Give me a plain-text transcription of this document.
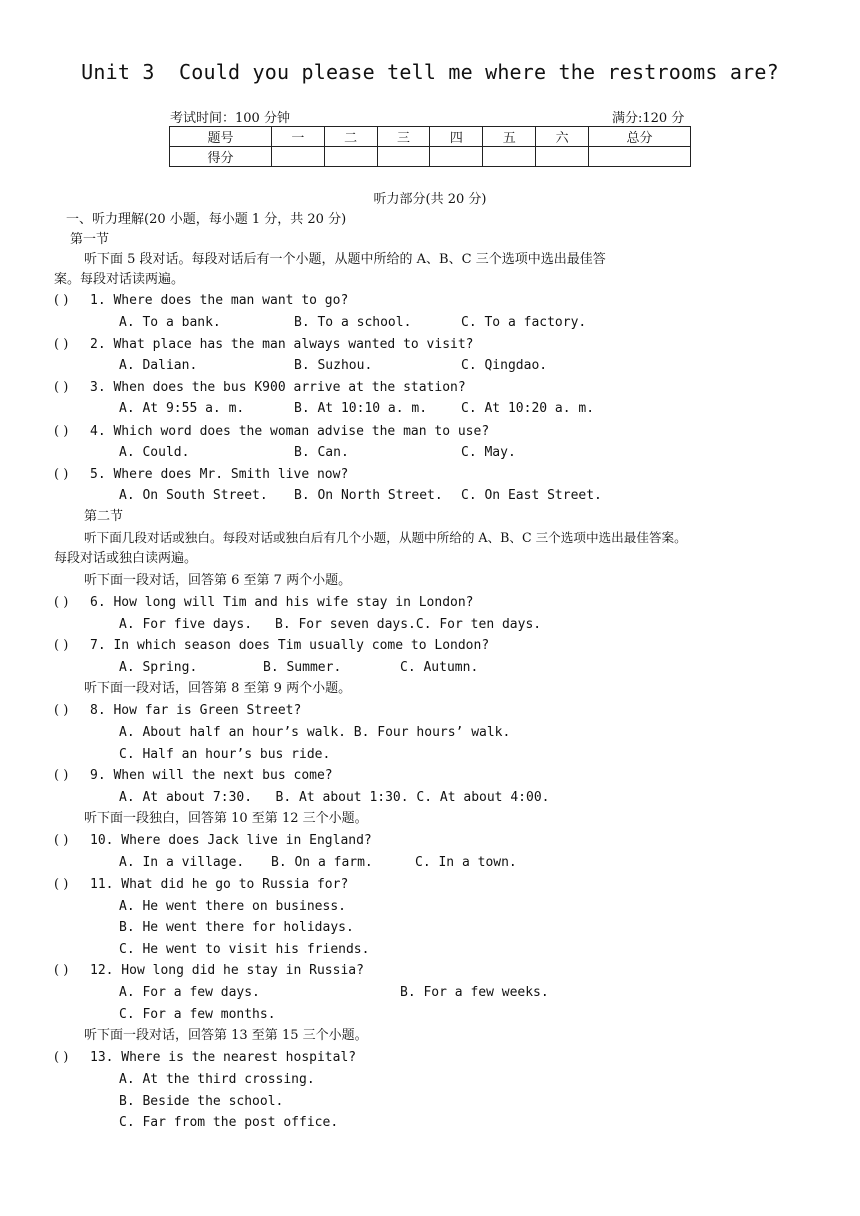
Unit 3  Could you please tell me where the restrooms are?
考试时间：100 分钟	满分:120 分
题号	一	二	三	四	五	六	总分
得分							
听力部分(共 20 分)
一、听力理解(20 小题，每小题 1 分，共 20 分)
第一节
听下面 5 段对话。每段对话后有一个小题，从题中所给的 A、B、C 三个选项中选出最佳答
案。每段对话读两遍。
( ) 1. Where does the man want to go?
A. To a bank.	B. To a school.	C. To a factory.
( ) 2. What place has the man always wanted to visit?
A. Dalian.	B. Suzhou.	C. Qingdao.
( ) 3. When does the bus K900 arrive at the station?
A. At 9:55 a. m.	B. At 10:10 a. m.	C. At 10:20 a. m.
( ) 4. Which word does the woman advise the man to use?
A. Could.	B. Can.	C. May.
( ) 5. Where does Mr. Smith live now?
A. On South Street. B. On North Street. C. On East Street.
第二节
听下面几段对话或独白。每段对话或独白后有几个小题，从题中所给的 A、B、C 三个选项中选出最佳答案。
每段对话或独白读两遍。
听下面一段对话，回答第 6 至第 7 两个小题。
( ) 6. How long will Tim and his wife stay in London?
A. For five days. B. For seven days.C. For ten days.
( ) 7. In which season does Tim usually come to London?
A. Spring.	B. Summer.	C. Autumn.
听下面一段对话，回答第 8 至第 9 两个小题。
( ) 8. How far is Green Street?
A. About half an hour’s walk. B. Four hours’ walk.
C. Half an hour’s bus ride.
( ) 9. When will the next bus come?
A. At about 7:30.   B. At about 1:30. C. At about 4:00.
听下面一段独白，回答第 10 至第 12 三个小题。
( ) 10. Where does Jack live in England?
A. In a village. B. On a farm.	C. In a town.
( ) 11. What did he go to Russia for?
A. He went there on business.
B. He went there for holidays.
C. He went to visit his friends.
( ) 12. How long did he stay in Russia?
A. For a few days.	B. For a few weeks.
C. For a few months.
听下面一段对话，回答第 13 至第 15 三个小题。
( ) 13. Where is the nearest hospital?
A. At the third crossing.
B. Beside the school.
C. Far from the post office.
